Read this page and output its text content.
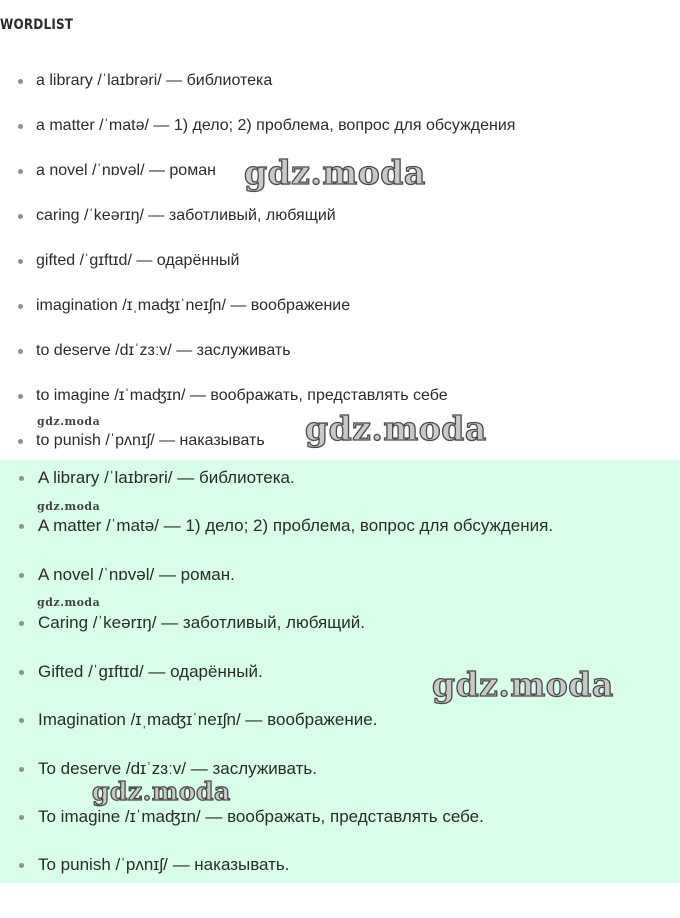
WORDLIST
a library /ˈlaɪbrəri/ — библиотека
a matter /ˈmatə/ — 1) дело; 2) проблема, вопрос для обсуждения
a novel /ˈnɒvəl/ — роман
caring /ˈkeərɪŋ/ — заботливый, любящий
gifted /ˈgɪftɪd/ — одарённый
imagination /ɪˌmaʤɪˈneɪʃn/ — воображение
to deserve /dɪˈzɜːv/ — заслуживать
to imagine /ɪˈmaʤɪn/ — воображать, представлять себе
to punish /ˈpʌnɪʃ/ — наказывать
A library /ˈlaɪbrəri/ — библиотека.
A matter /ˈmatə/ — 1) дело; 2) проблема, вопрос для обсуждения.
A novel /ˈnɒvəl/ — роман.
Caring /ˈkeərɪŋ/ — заботливый, любящий.
Gifted /ˈgɪftɪd/ — одарённый.
Imagination /ɪˌmaʤɪˈneɪʃn/ — воображение.
To deserve /dɪˈzɜːv/ — заслуживать.
To imagine /ɪˈmaʤɪn/ — воображать, представлять себе.
To punish /ˈpʌnɪʃ/ — наказывать.
gdz.moda
gdz.moda	gdz.moda
gdz.moda
gdz.moda
gdz.moda
gdz.moda
